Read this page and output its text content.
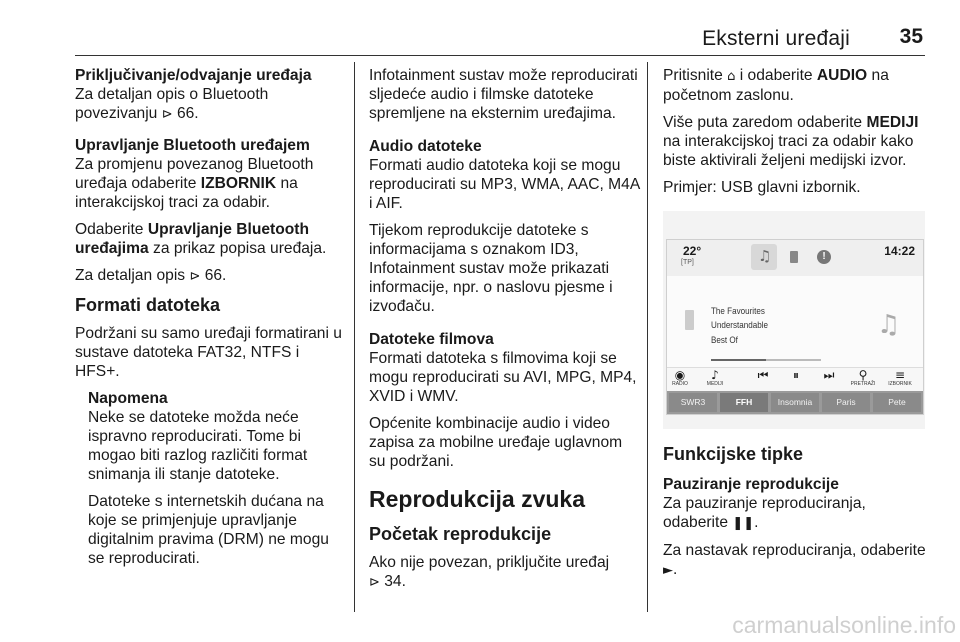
Eksterni uređaji 35
Priključivanje/odvajanje uređaja

Za detaljan opis o Bluetooth povezivanju ⊳ 66.

Upravljanje Bluetooth uređajem

Za promjenu povezanog Bluetooth uređaja odaberite IZBORNIK na interakcijskoj traci za odabir.

Odaberite Upravljanje Bluetooth uređajima za prikaz popisa uređaja.

Za detaljan opis ⊳ 66.

Formati datoteka

Podržani su samo uređaji formatirani u sustave datoteka FAT32, NTFS i HFS+.

Napomena

Neke se datoteke možda neće ispravno reproducirati. Tome bi mogao biti razlog različiti format snimanja ili stanje datoteke.

Datoteke s internetskih dućana na koje se primjenjuje upravljanje digitalnim pravima (DRM) ne mogu se reproducirati.

Infotainment sustav može reproducirati sljedeće audio i filmske datoteke spremljene na eksternim uređajima.

Audio datoteke

Formati audio datoteka koji se mogu reproducirati su MP3, WMA, AAC, M4A i AIF.

Tijekom reprodukcije datoteke s informacijama s oznakom ID3, Infotainment sustav može prikazati informacije, npr. o naslovu pjesme i izvođaču.

Datoteke filmova

Formati datoteka s filmovima koji se mogu reproducirati su AVI, MPG, MP4, XVID i WMV.

Općenite kombinacije audio i video zapisa za mobilne uređaje uglavnom su podržani.

Reprodukcija zvuka
Početak reprodukcije

Ako nije povezan, priključite uređaj
⊳ 34.

Pritisnite ⌂ i odaberite AUDIO na početnom zaslonu.

Više puta zaredom odaberite MEDIJI na interakcijskoj traci za odabir kako biste aktivirali željeni medijski izvor.

Primjer: USB glavni izbornik.

Funkcijske tipke
Pauziranje reprodukcije

Za pauziranje reproduciranja, odaberite ❚❚.

Za nastavak reproduciranja, odaberite ►.

22°
[TP]	♫	!	14:22
The Favourites
Understandable
Best Of
♫
◉
RADIO
♪
MEDIJI
⏮	⏸	⏭	⚲
PRETRAŽI
≡
IZBORNIK
SWR3	FFH	Insomnia	Paris	Pete
carmanualsonline.info
